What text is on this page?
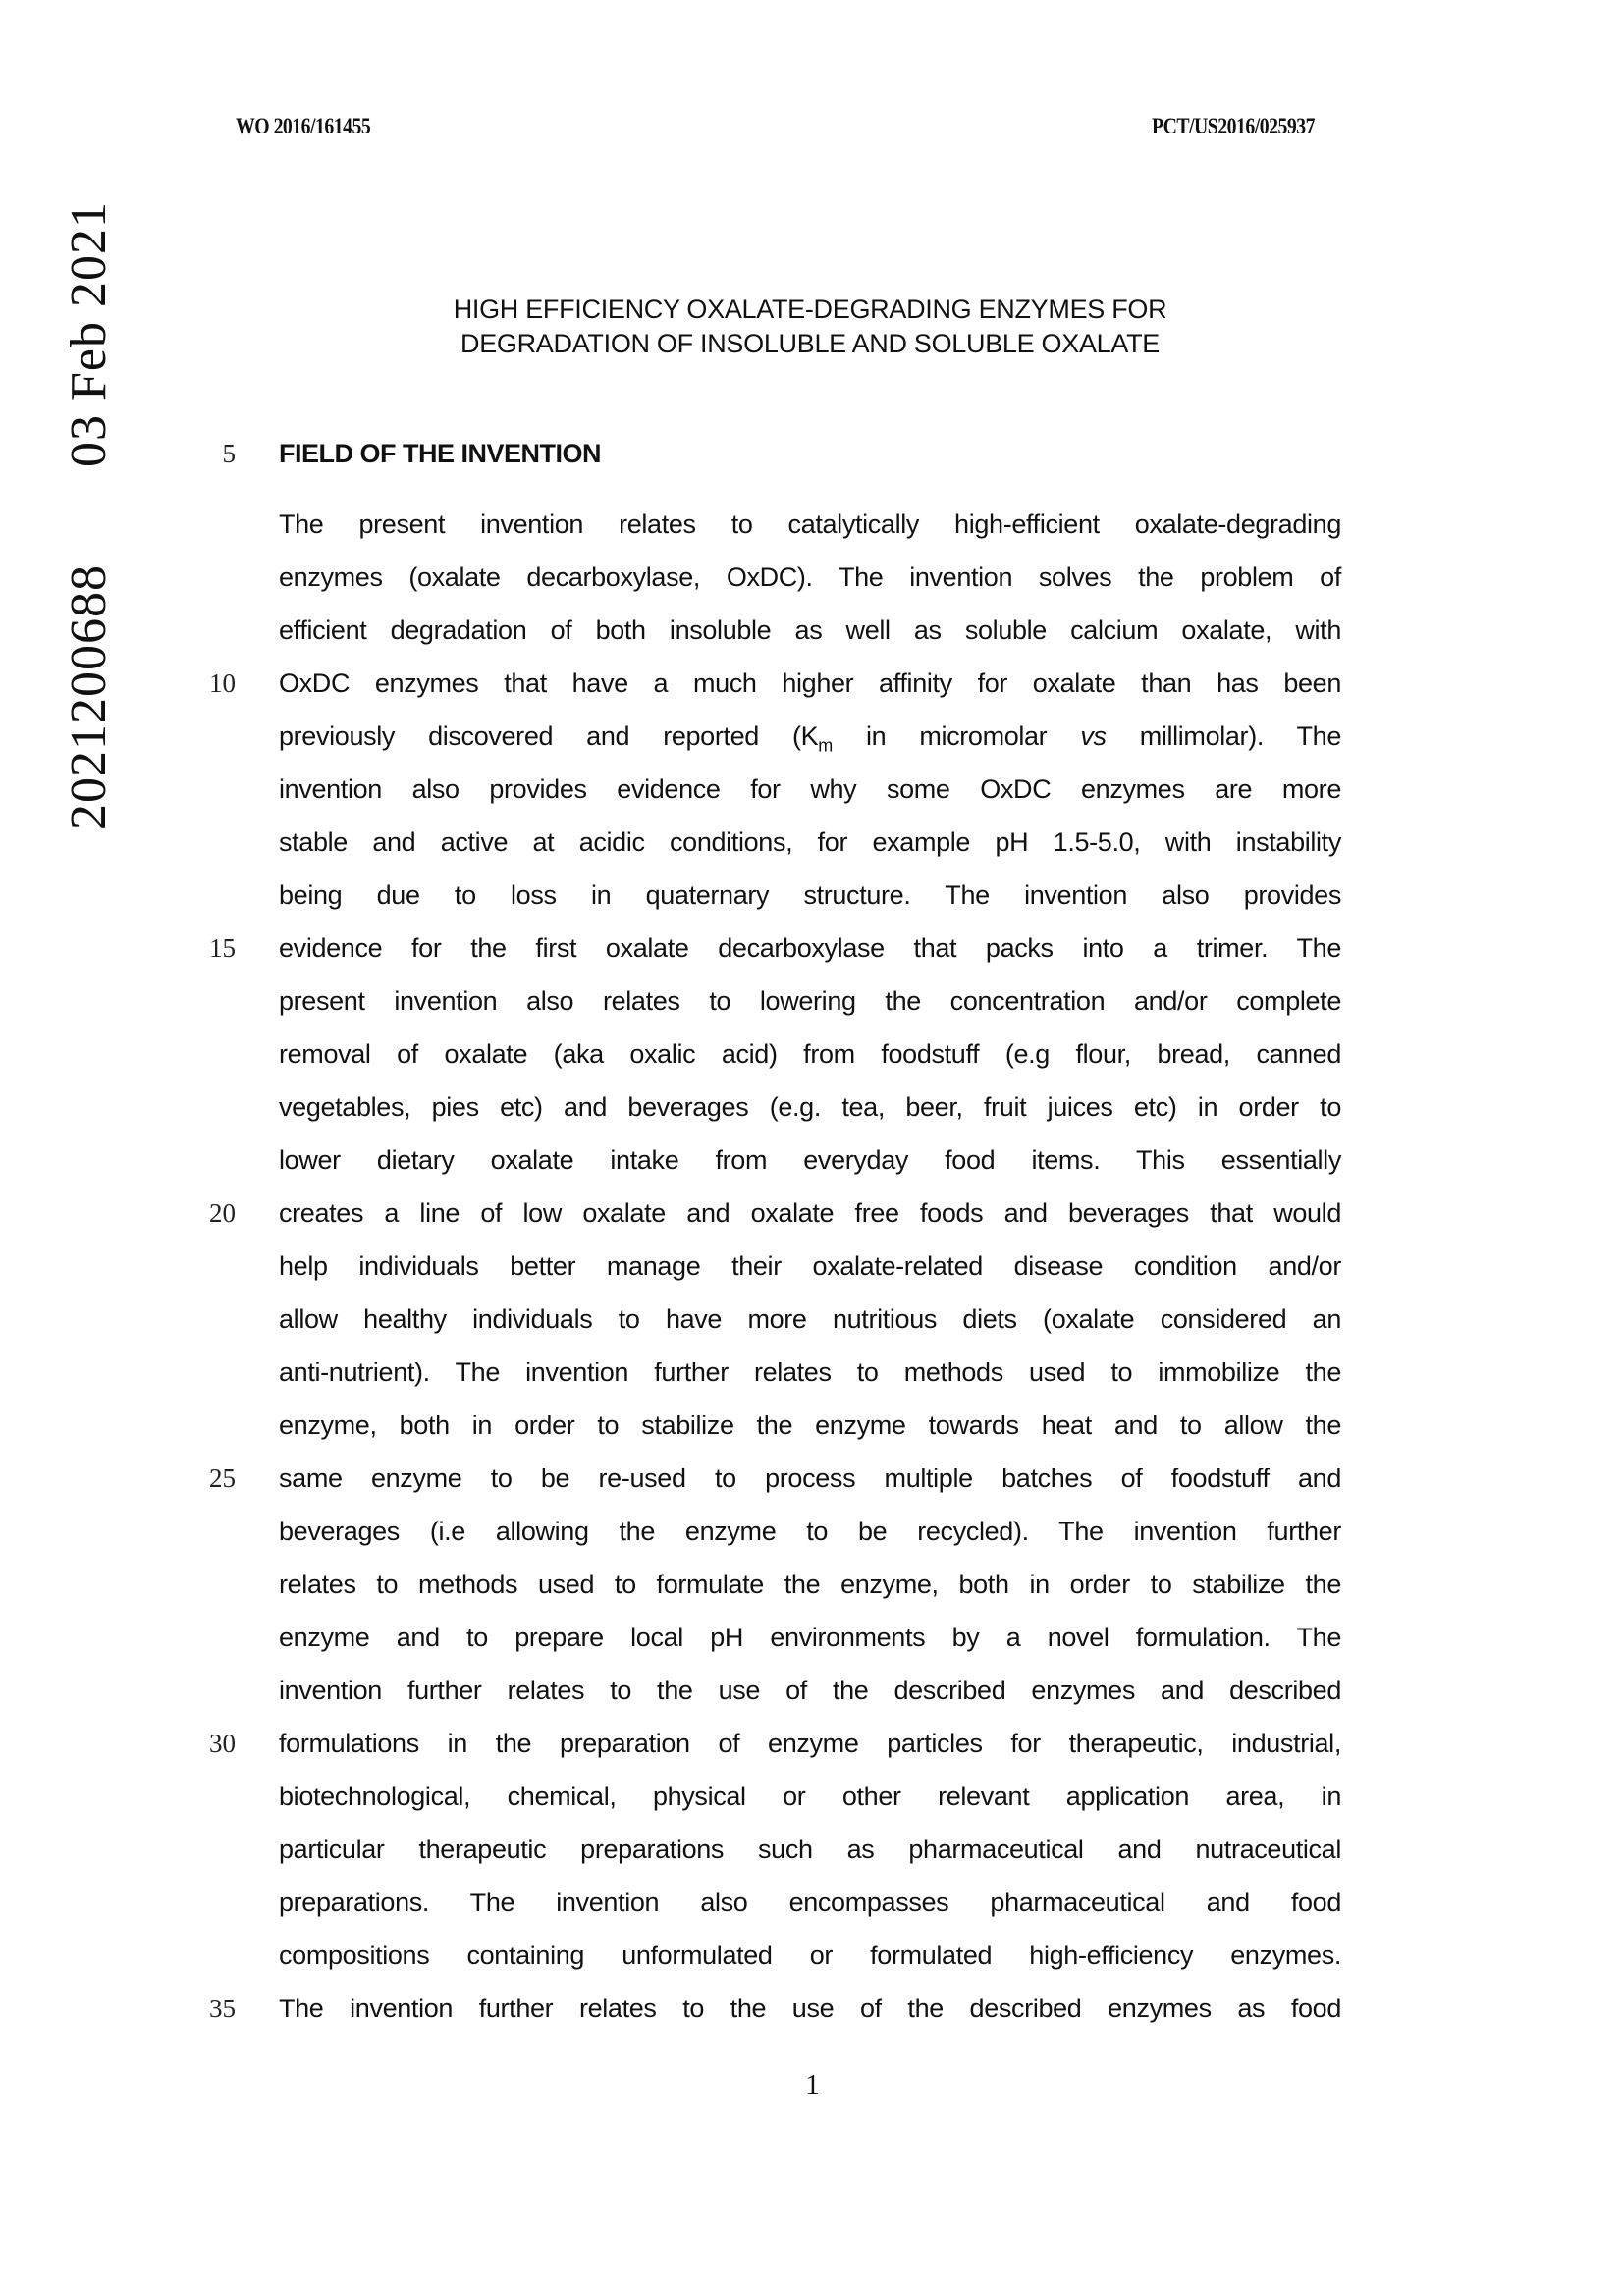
WO 2016/161455	PCT/US2016/025937
2021200688
03 Feb 2021	HIGH EFFICIENCY OXALATE-DEGRADING ENZYMES FOR
DEGRADATION OF INSOLUBLE AND SOLUBLE OXALATE
5 FIELD OF THE INVENTION
The present invention relates to catalytically high-efficient oxalate-degrading
enzymes (oxalate decarboxylase, OxDC). The invention solves the problem of
efficient degradation of both insoluble as well as soluble calcium oxalate, with
10 OxDC enzymes that have a much higher affinity for oxalate than has been
previously discovered and reported ($K_m$ in micromolar vs millimolar). The
invention also provides evidence for why some OxDC enzymes are more
stable and active at acidic conditions, for example pH 1.5-5.0, with instability
being due to loss in quaternary structure. The invention also provides
15 evidence for the first oxalate decarboxylase that packs into a trimer. The
present invention also relates to lowering the concentration and/or complete
removal of oxalate (aka oxalic acid) from foodstuff (e.g flour, bread, canned
vegetables, pies etc) and beverages (e.g. tea, beer, fruit juices etc) in order to
lower dietary oxalate intake from everyday food items. This essentially
20 creates a line of low oxalate and oxalate free foods and beverages that would
help individuals better manage their oxalate-related disease condition and/or
allow healthy individuals to have more nutritious diets (oxalate considered an
anti-nutrient). The invention further relates to methods used to immobilize the
enzyme, both in order to stabilize the enzyme towards heat and to allow the
25 same enzyme to be re-used to process multiple batches of foodstuff and
beverages (i.e allowing the enzyme to be recycled). The invention further
relates to methods used to formulate the enzyme, both in order to stabilize the
enzyme and to prepare local pH environments by a novel formulation. The
invention further relates to the use of the described enzymes and described
30 formulations in the preparation of enzyme particles for therapeutic, industrial,
biotechnological, chemical, physical or other relevant application area, in
particular therapeutic preparations such as pharmaceutical and nutraceutical
preparations. The invention also encompasses pharmaceutical and food
compositions containing unformulated or formulated high-efficiency enzymes.
35 The invention further relates to the use of the described enzymes as food
1
